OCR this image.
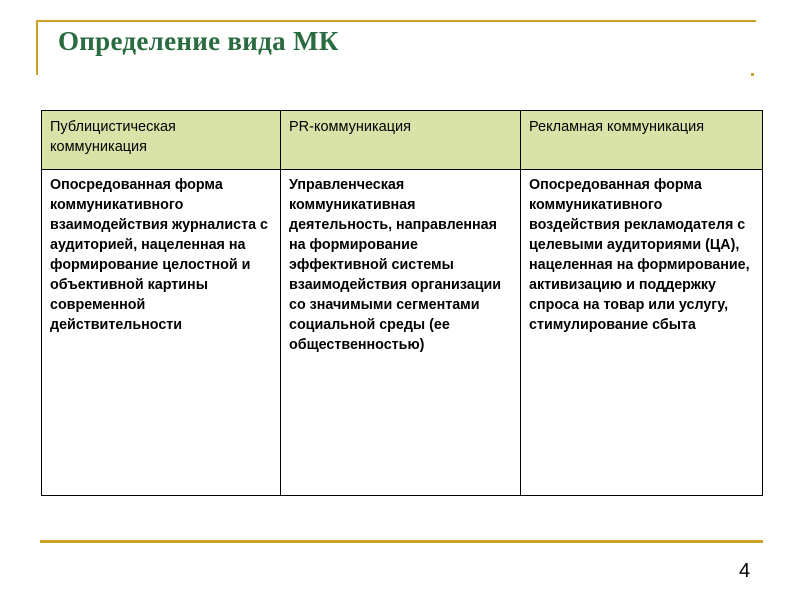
Определение вида МК
Публицистическая коммуникация	PR-коммуникация	Рекламная коммуникация
Опосредованная форма коммуникативного взаимодействия журналиста с аудиторией, нацеленная на формирование целостной и объективной картины современной действительности	Управленческая коммуникативная деятельность, направленная на формирование эффективной системы взаимодействия организации со значимыми сегментами социальной среды (ее общественностью)	Опосредованная форма коммуникативного воздействия рекламодателя с целевыми аудиториями (ЦА), нацеленная на формирование, активизацию и поддержку спроса на товар или услугу, стимулирование сбыта
4
